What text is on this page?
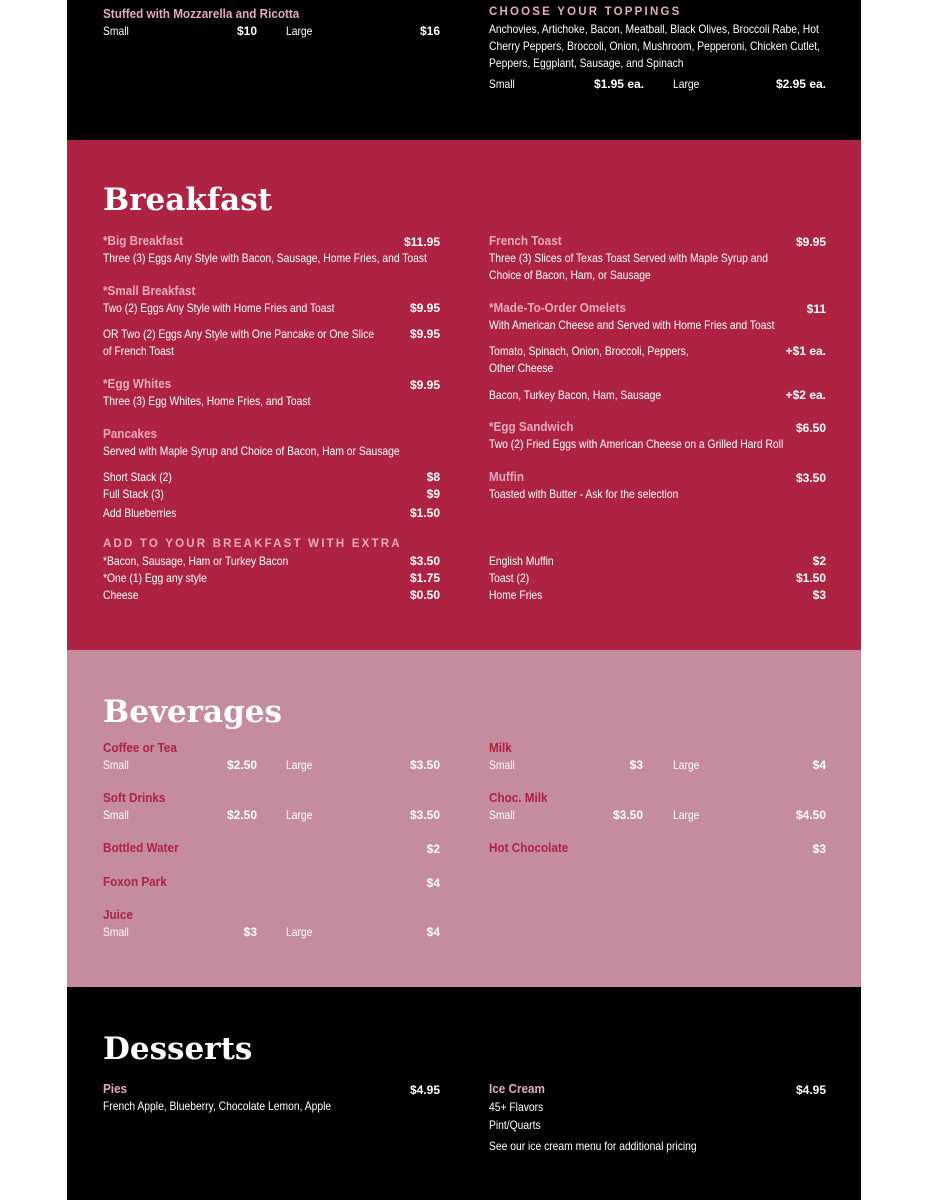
Stuffed with Mozzarella and Ricotta
Small	$10 Large	$16
CHOOSE YOUR TOPPINGS
Anchovies, Artichoke, Bacon, Meatball, Black Olives, Broccoli Rabe, Hot
Cherry Peppers, Broccoli, Onion, Mushroom, Pepperoni, Chicken Cutlet,
Peppers, Eggplant, Sausage, and Spinach
Small	$1.95 ea. Large	$2.95 ea.
Breakfast
*Big Breakfast	$11.95
Three (3) Eggs Any Style with Bacon, Sausage, Home Fries, and Toast
*Small Breakfast
Two (2) Eggs Any Style with Home Fries and Toast	$9.95
OR Two (2) Eggs Any Style with One Pancake or One Slice
of French Toast
$9.95
*Egg Whites	$9.95
Three (3) Egg Whites, Home Fries, and Toast
Pancakes
Served with Maple Syrup and Choice of Bacon, Ham or Sausage
Short Stack (2)	$8
Full Stack (3)	$9
Add Blueberries	$1.50
ADD TO YOUR BREAKFAST WITH EXTRA
*Bacon, Sausage, Ham or Turkey Bacon	$3.50
*One (1) Egg any style	$1.75
Cheese	$0.50
French Toast	$9.95
Three (3) Slices of Texas Toast Served with Maple Syrup and
Choice of Bacon, Ham, or Sausage
*Made-To-Order Omelets	$11
With American Cheese and Served with Home Fries and Toast
Tomato, Spinach, Onion, Broccoli, Peppers,
Other Cheese
+$1 ea.
Bacon, Turkey Bacon, Ham, Sausage	+$2 ea.
*Egg Sandwich	$6.50
Two (2) Fried Eggs with American Cheese on a Grilled Hard Roll
Muffin	$3.50
Toasted with Butter - Ask for the selection
English Muffin	$2
Toast (2)	$1.50
Home Fries	$3
Beverages
Coffee or Tea
Small	$2.50 Large	$3.50
Soft Drinks
Small	$2.50 Large	$3.50
Bottled Water	$2
Foxon Park	$4
Juice
Small	$3 Large	$4
Milk
Small	$3	Large	$4
Choc. Milk
Small	$3.50	Large	$4.50
Hot Chocolate	$3
Desserts
Pies	$4.95
French Apple, Blueberry, Chocolate Lemon, Apple
Ice Cream	$4.95
45+ Flavors
Pint/Quarts
See our ice cream menu for additional pricing
